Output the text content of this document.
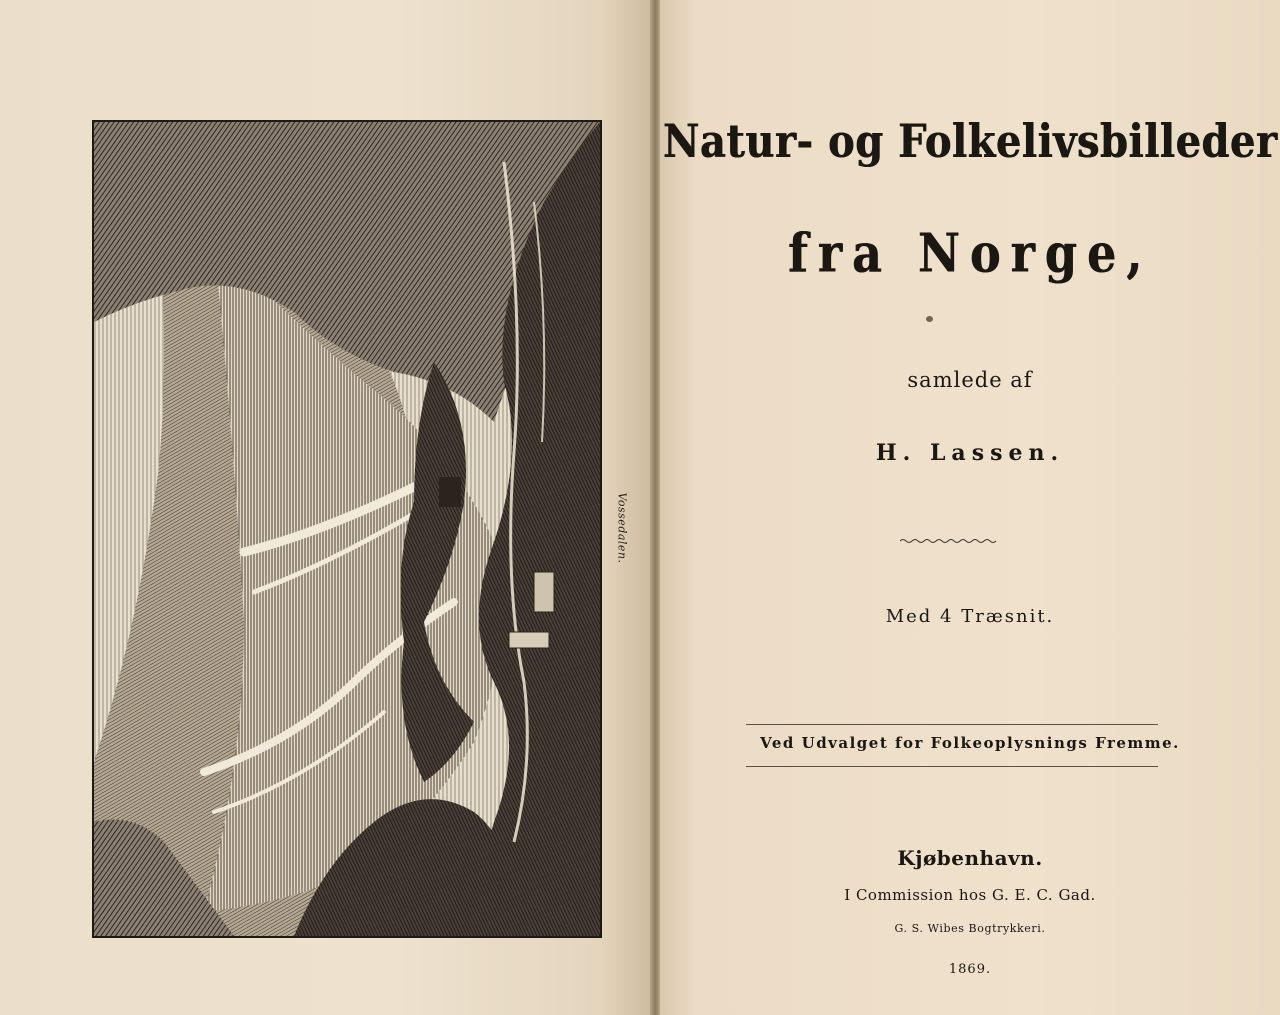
Vossedalen.
Natur- og Folkelivsbilleder
fra Norge,
samlede af
H. Lassen.
Med 4 Træsnit.
Ved Udvalget for Folkeoplysnings Fremme.
Kjøbenhavn.
I Commission hos G. E. C. Gad.
G. S. Wibes Bogtrykkeri.
1869.
